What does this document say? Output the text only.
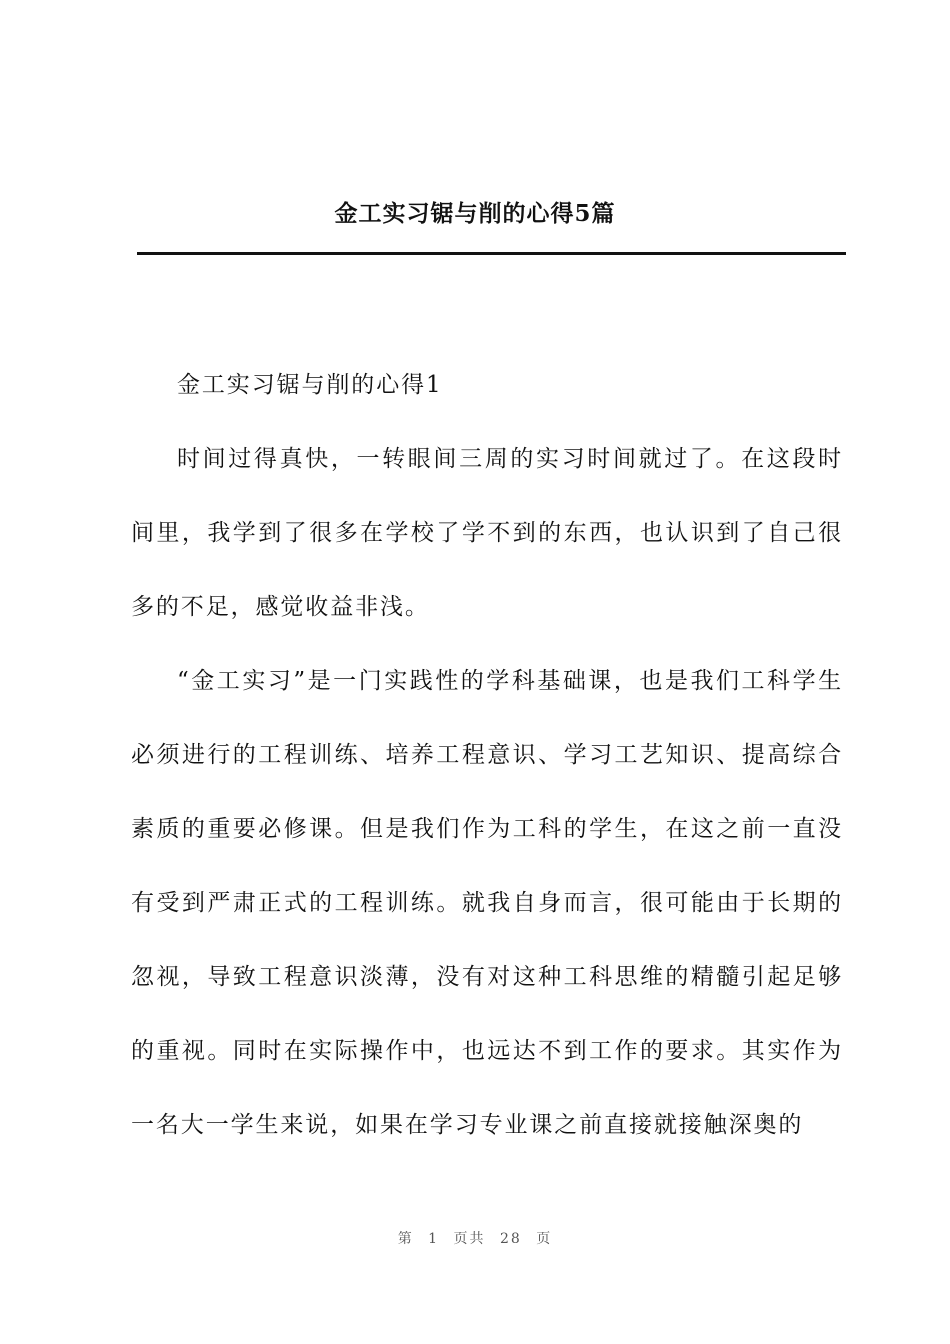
金工实习锯与削的心得5篇

金工实习锯与削的心得1

时间过得真快，一转眼间三周的实习时间就过了。在这段时间里，我学到了很多在学校了学不到的东西，也认识到了自己很多的不足，感觉收益非浅。

“金工实习”是一门实践性的学科基础课，也是我们工科学生必须进行的工程训练、培养工程意识、学习工艺知识、提高综合素质的重要必修课。但是我们作为工科的学生，在这之前一直没有受到严肃正式的工程训练。就我自身而言，很可能由于长期的忽视，导致工程意识淡薄，没有对这种工科思维的精髓引起足够的重视。同时在实际操作中，也远达不到工作的要求。其实作为一名大一学生来说，如果在学习专业课之前直接就接触深奥的

第 1 页共 28 页
